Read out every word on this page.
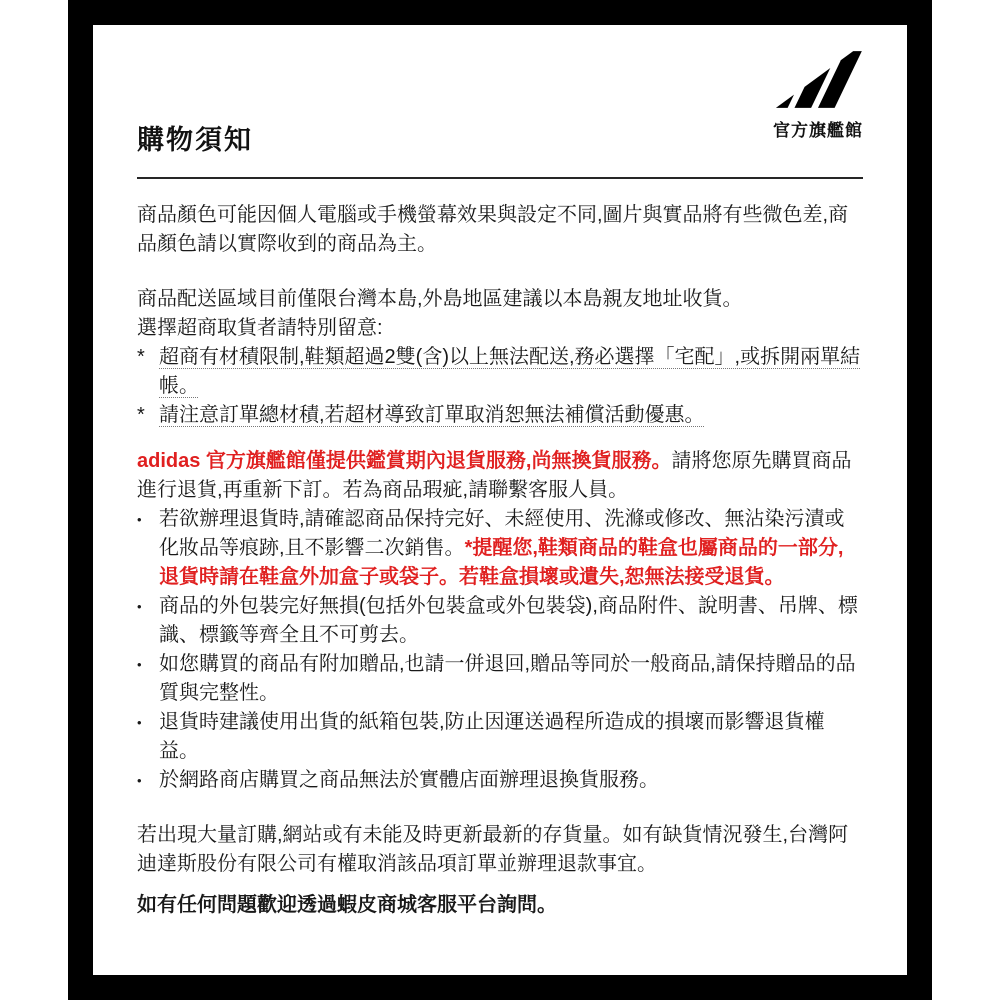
購物須知	官方旗艦館
商品顏色可能因個人電腦或手機螢幕效果與設定不同,圖片與實品將有些微色差,商品顏色請以實際收到的商品為主。
商品配送區域目前僅限台灣本島,外島地區建議以本島親友地址收貨。
選擇超商取貨者請特別留意:
* 超商有材積限制,鞋類超過2雙(含)以上無法配送,務必選擇「宅配」,或拆開兩單結帳。
* 請注意訂單總材積,若超材導致訂單取消恕無法補償活動優惠。
adidas 官方旗艦館僅提供鑑賞期內退貨服務,尚無換貨服務。請將您原先購買商品進行退貨,再重新下訂。若為商品瑕疵,請聯繫客服人員。
• 若欲辦理退貨時,請確認商品保持完好、未經使用、洗滌或修改、無沾染污漬或化妝品等痕跡,且不影響二次銷售。*提醒您,鞋類商品的鞋盒也屬商品的一部分,退貨時請在鞋盒外加盒子或袋子。若鞋盒損壞或遺失,恕無法接受退貨。
• 商品的外包裝完好無損(包括外包裝盒或外包裝袋),商品附件、說明書、吊牌、標識、標籤等齊全且不可剪去。
• 如您購買的商品有附加贈品,也請一併退回,贈品等同於一般商品,請保持贈品的品質與完整性。
• 退貨時建議使用出貨的紙箱包裝,防止因運送過程所造成的損壞而影響退貨權益。
• 於網路商店購買之商品無法於實體店面辦理退換貨服務。
若出現大量訂購,網站或有未能及時更新最新的存貨量。如有缺貨情況發生,台灣阿迪達斯股份有限公司有權取消該品項訂單並辦理退款事宜。
如有任何問題歡迎透過蝦皮商城客服平台詢問。
